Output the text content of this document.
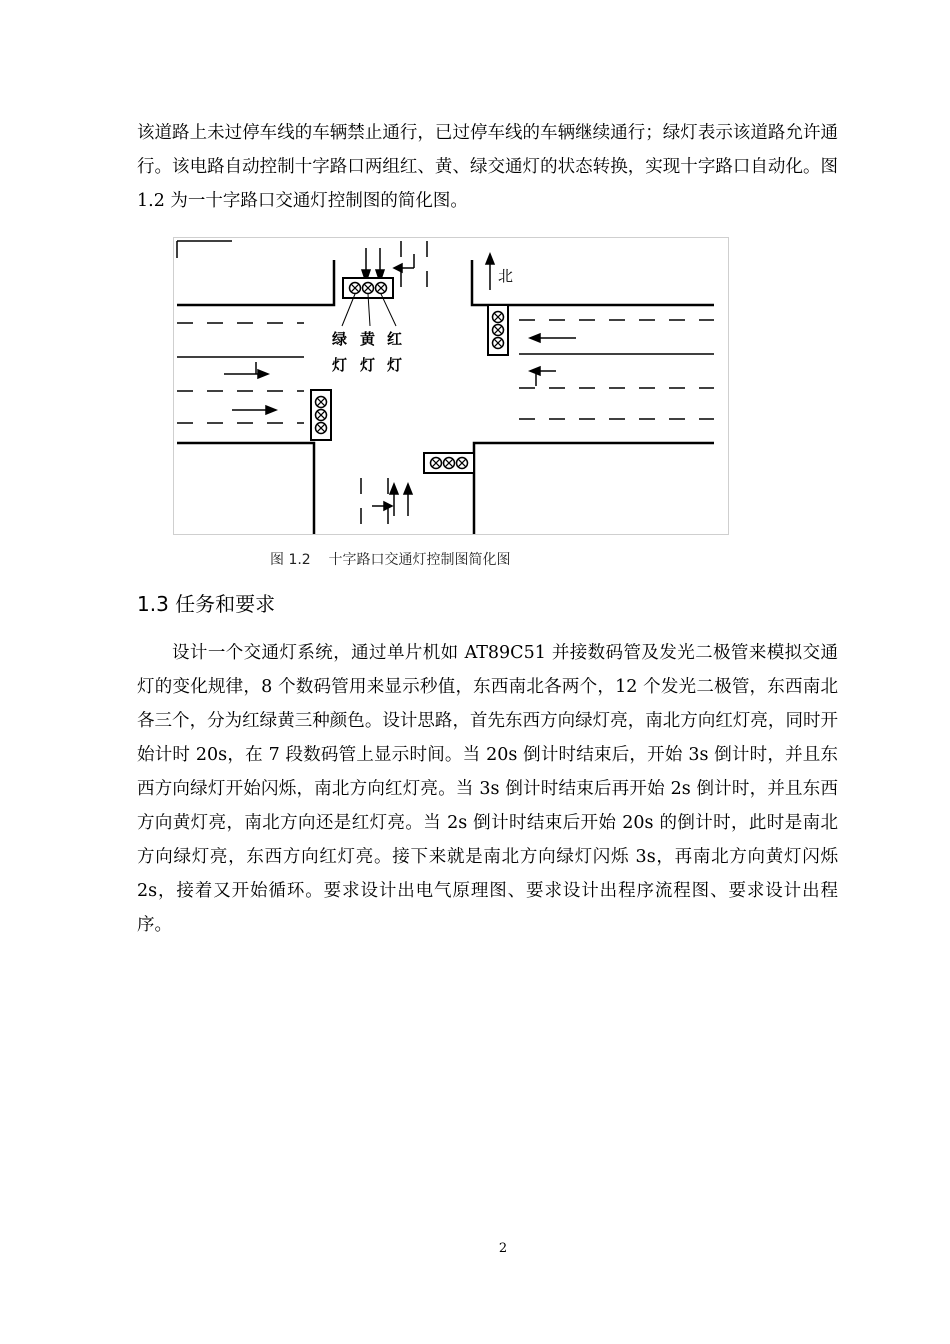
该道路上未过停车线的车辆禁止通行，已过停车线的车辆继续通行；绿灯表示该道路允许通行。该电路自动控制十字路口两组红、黄、绿交通灯的状态转换，实现十字路口自动化。图 1.2 为一十字路口交通灯控制图的简化图。

北
绿
灯
黄
灯
红
灯
图 1.2    十字路口交通灯控制图简化图
1.3 任务和要求

设计一个交通灯系统，通过单片机如 AT89C51 并接数码管及发光二极管来模拟交通灯的变化规律，8 个数码管用来显示秒值，东西南北各两个，12 个发光二极管，东西南北各三个，分为红绿黄三种颜色。设计思路，首先东西方向绿灯亮，南北方向红灯亮，同时开始计时 20s，在 7 段数码管上显示时间。当 20s 倒计时结束后，开始 3s 倒计时，并且东西方向绿灯开始闪烁，南北方向红灯亮。当 3s 倒计时结束后再开始 2s 倒计时，并且东西方向黄灯亮，南北方向还是红灯亮。当 2s 倒计时结束后开始 20s 的倒计时，此时是南北方向绿灯亮，东西方向红灯亮。接下来就是南北方向绿灯闪烁 3s，再南北方向黄灯闪烁 2s，接着又开始循环。要求设计出电气原理图、要求设计出程序流程图、要求设计出程序。

2
